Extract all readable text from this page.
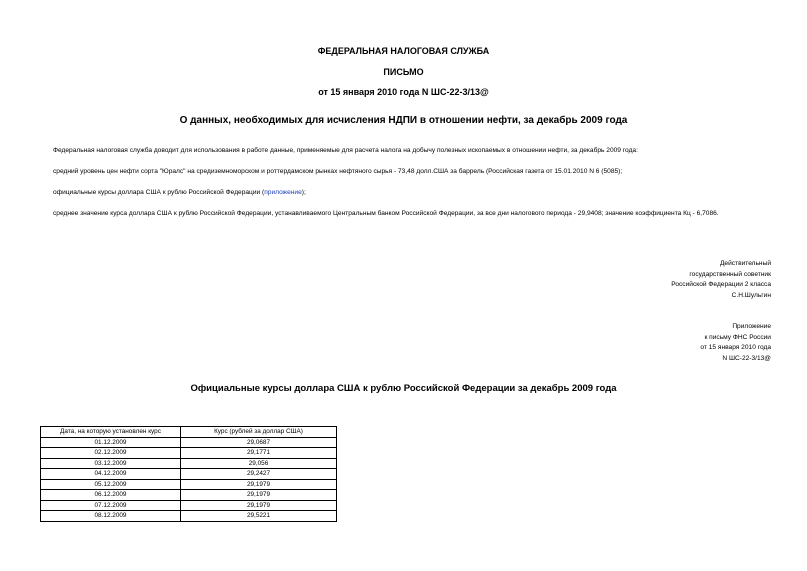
ФЕДЕРАЛЬНАЯ НАЛОГОВАЯ СЛУЖБА
ПИСЬМО
от 15 января 2010 года N ШС-22-3/13@
О данных, необходимых для исчисления НДПИ в отношении нефти, за декабрь 2009 года
Федеральная налоговая служба доводит для использования в работе данные, применяемые для расчета налога на добычу полезных ископаемых в отношении нефти, за декабрь 2009 года:
средний уровень цен нефти сорта "Юралс" на средиземноморском и роттердамском рынках нефтяного сырья - 73,48 долл.США за баррель (Российская газета от 15.01.2010 N 6 (5085);
официальные курсы доллара США к рублю Российской Федерации (приложение);
среднее значение курса доллара США к рублю Российской Федерации, устанавливаемого Центральным банком Российской Федерации, за все дни налогового периода - 29,9408; значение коэффициента Кц - 6,7086.
Действительный
государственный советник
Российской Федерации 2 класса
С.Н.Шульгин
Приложение
к письму ФНС России
от 15 января 2010 года
N ШС-22-3/13@
Официальные курсы доллара США к рублю Российской Федерации за декабрь 2009 года
Дата, на которую установлен курс	Курс (рублей за доллар США)
01.12.2009	29,0687
02.12.2009	29,1771
03.12.2009	29,056
04.12.2009	29,2427
05.12.2009	29,1979
06.12.2009	29,1979
07.12.2009	29,1979
08.12.2009	29,5221
